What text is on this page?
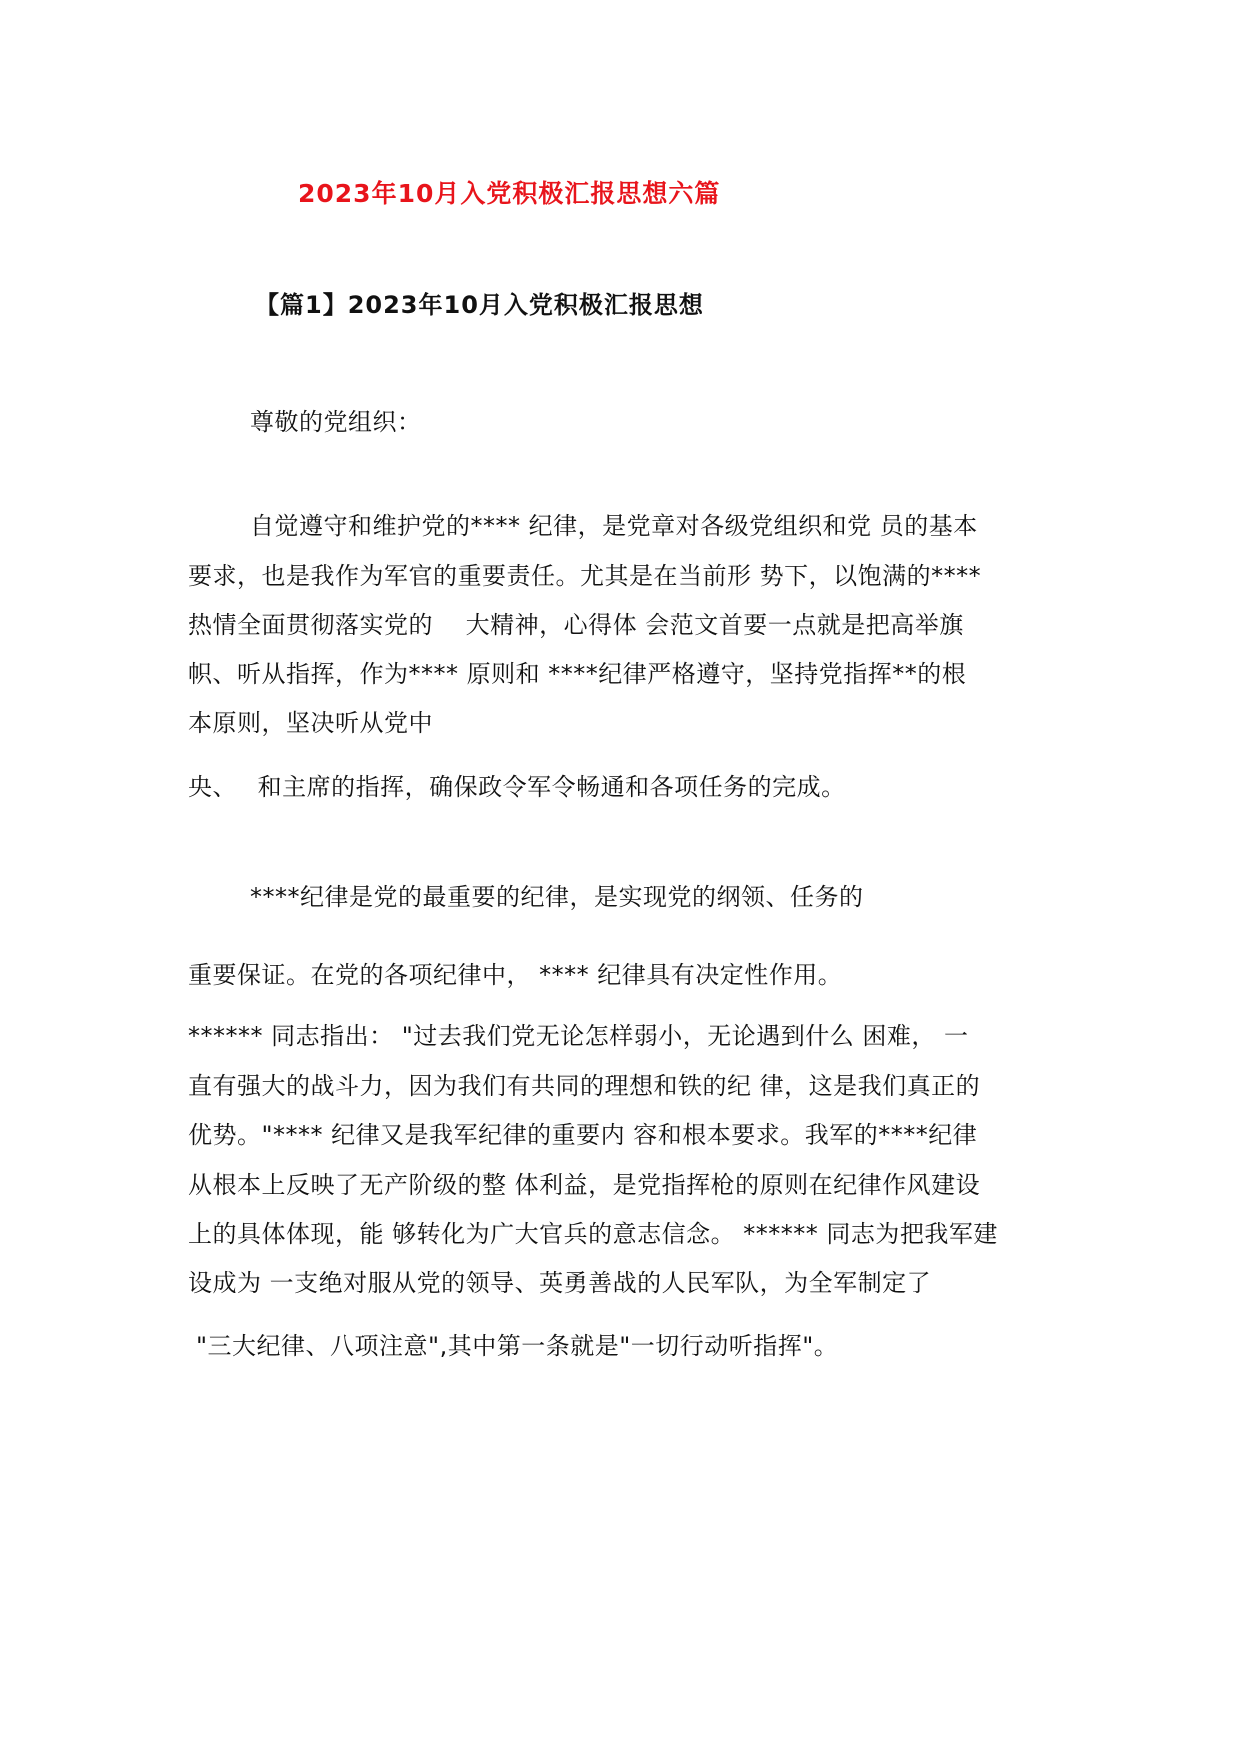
2023年10月入党积极汇报思想六篇
【篇1】2023年10月入党积极汇报思想
尊敬的党组织：
自觉遵守和维护党的**** 纪律，是党章对各级党组织和党 员的基本
要求，也是我作为军官的重要责任。尤其是在当前形 势下，以饱满的****
热情全面贯彻落实党的　 大精神，心得体 会范文首要一点就是把高举旗
帜、听从指挥，作为**** 原则和 ****纪律严格遵守，坚持党指挥**的根
本原则，坚决听从党中
央、　 和主席的指挥，确保政令军令畅通和各项任务的完成。
****纪律是党的最重要的纪律，是实现党的纲领、任务的
重要保证。在党的各项纪律中， **** 纪律具有决定性作用。
****** 同志指出： "过去我们党无论怎样弱小，无论遇到什么 困难， 一
直有强大的战斗力，因为我们有共同的理想和铁的纪 律，这是我们真正的
优势。"**** 纪律又是我军纪律的重要内 容和根本要求。我军的****纪律
从根本上反映了无产阶级的整 体利益，是党指挥枪的原则在纪律作风建设
上的具体体现，能 够转化为广大官兵的意志信念。 ****** 同志为把我军建
设成为 一支绝对服从党的领导、英勇善战的人民军队，为全军制定了
"三大纪律、八项注意",其中第一条就是"一切行动听指挥"。
